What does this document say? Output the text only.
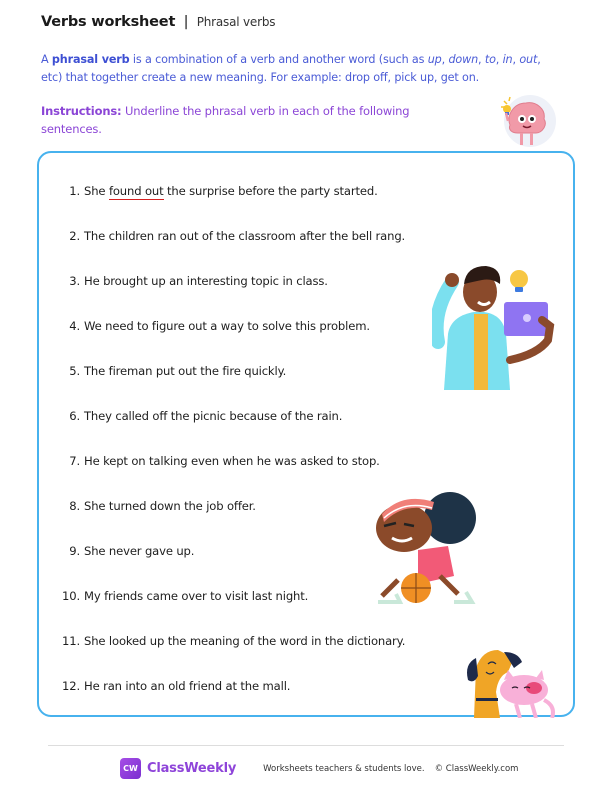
Verbs worksheet | Phrasal verbs
A phrasal verb is a combination of a verb and another word (such as up, down, to, in, out, etc) that together create a new meaning. For example: drop off, pick up, get on.
Instructions: Underline the phrasal verb in each of the following sentences.
1. She found out the surprise before the party started.
2. The children ran out of the classroom after the bell rang.
3. He brought up an interesting topic in class.
4. We need to figure out a way to solve this problem.
5. The fireman put out the fire quickly.
6. They called off the picnic because of the rain.
7. He kept on talking even when he was asked to stop.
8. She turned down the job offer.
9. She never gave up.
10. My friends came over to visit last night.
11. She looked up the meaning of the word in the dictionary.
12. He ran into an old friend at the mall.
CW ClassWeekly	Worksheets teachers & students love. © ClassWeekly.com
